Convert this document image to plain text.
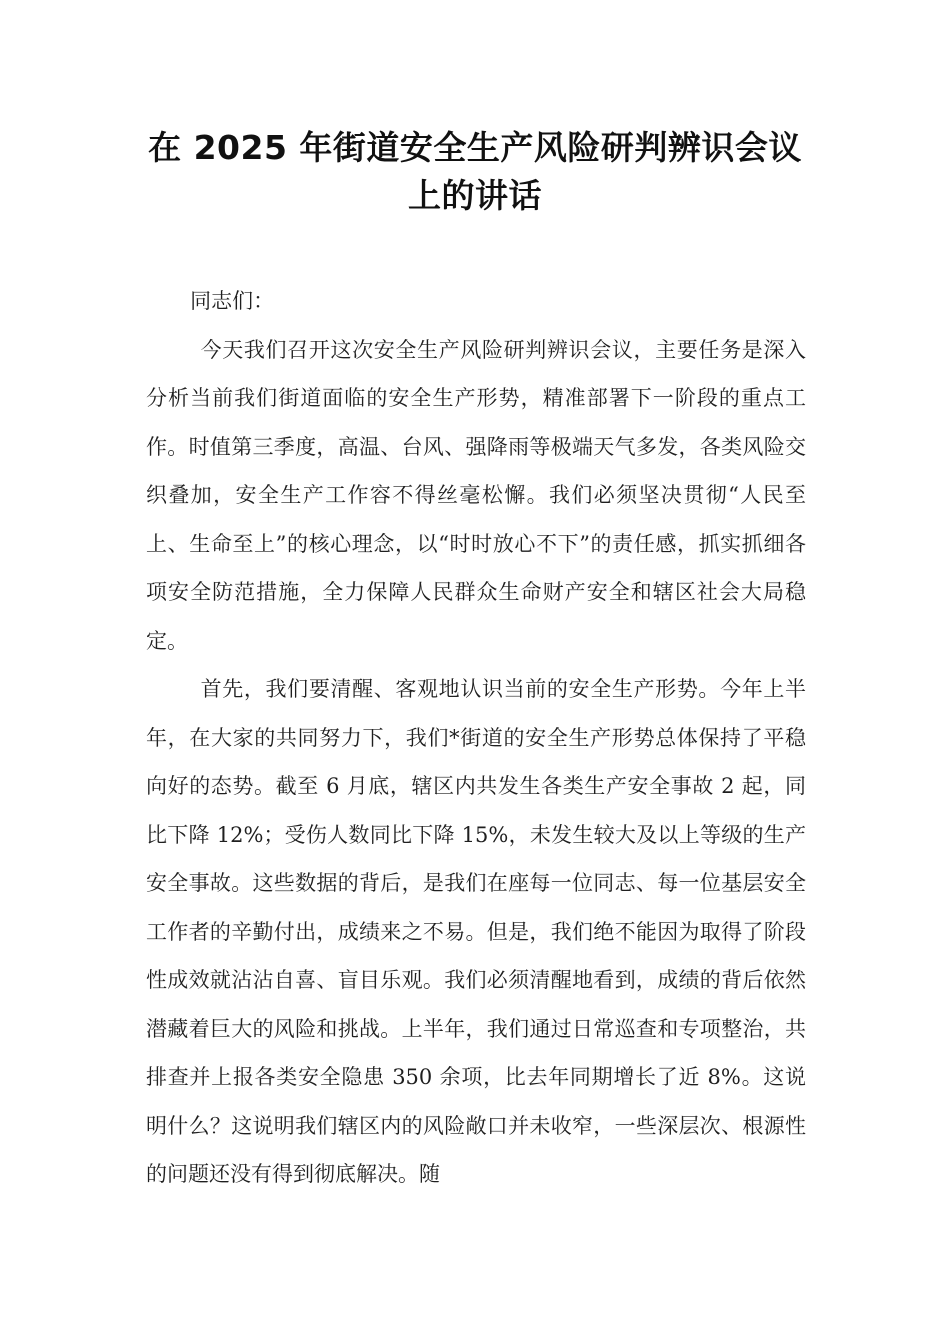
在 2025 年街道安全生产风险研判辨识会议
上的讲话

同志们：

今天我们召开这次安全生产风险研判辨识会议，主要任务是深入分析当前我们街道面临的安全生产形势，精准部署下一阶段的重点工作。时值第三季度，高温、台风、强降雨等极端天气多发，各类风险交织叠加，安全生产工作容不得丝毫松懈。我们必须坚决贯彻“人民至上、生命至上”的核心理念，以“时时放心不下”的责任感，抓实抓细各项安全防范措施，全力保障人民群众生命财产安全和辖区社会大局稳定。

首先，我们要清醒、客观地认识当前的安全生产形势。今年上半年，在大家的共同努力下，我们*街道的安全生产形势总体保持了平稳向好的态势。截至 6 月底，辖区内共发生各类生产安全事故 2 起，同比下降 12%；受伤人数同比下降 15%，未发生较大及以上等级的生产安全事故。这些数据的背后，是我们在座每一位同志、每一位基层安全工作者的辛勤付出，成绩来之不易。但是，我们绝不能因为取得了阶段性成效就沾沾自喜、盲目乐观。我们必须清醒地看到，成绩的背后依然潜藏着巨大的风险和挑战。上半年，我们通过日常巡查和专项整治，共排查并上报各类安全隐患 350 余项，比去年同期增长了近 8%。这说明什么？这说明我们辖区内的风险敞口并未收窄，一些深层次、根源性的问题还没有得到彻底解决。随
